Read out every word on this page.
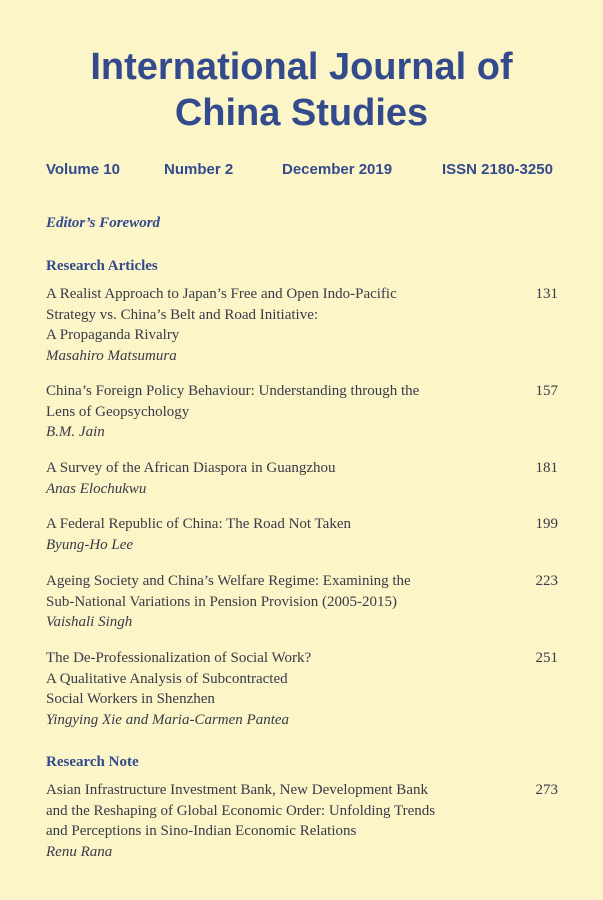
International Journal of
China Studies
Volume 10	Number 2	December 2019	ISSN 2180-3250
Editor’s Foreword
Research Articles
A Realist Approach to Japan’s Free and Open Indo-Pacific
Strategy vs. China’s Belt and Road Initiative:
A Propaganda Rivalry
Masahiro Matsumura
131
China’s Foreign Policy Behaviour: Understanding through the
Lens of Geopsychology
B.M. Jain
157
A Survey of the African Diaspora in Guangzhou
Anas Elochukwu
181
A Federal Republic of China: The Road Not Taken
Byung-Ho Lee
199
Ageing Society and China’s Welfare Regime: Examining the
Sub-National Variations in Pension Provision (2005-2015)
Vaishali Singh
223
The De-Professionalization of Social Work?
A Qualitative Analysis of Subcontracted
Social Workers in Shenzhen
Yingying Xie and Maria-Carmen Pantea
251
Research Note
Asian Infrastructure Investment Bank, New Development Bank
and the Reshaping of Global Economic Order: Unfolding Trends
and Perceptions in Sino-Indian Economic Relations
Renu Rana
273
